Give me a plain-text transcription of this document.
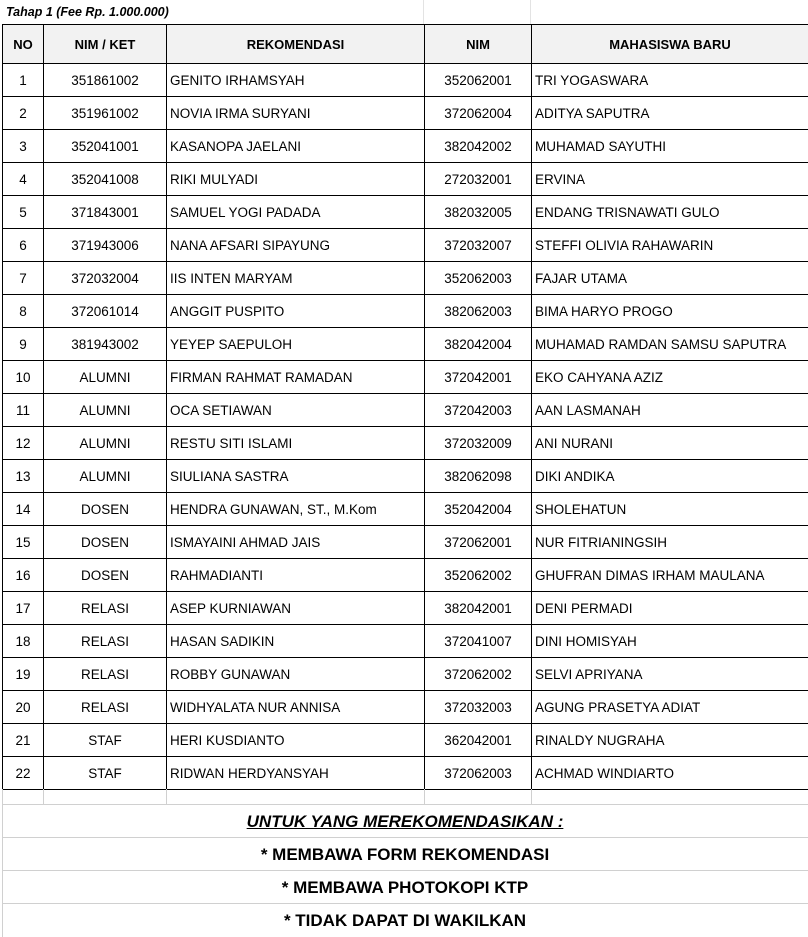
Tahap 1 (Fee Rp. 1.000.000)
NO	NIM / KET	REKOMENDASI	NIM	MAHASISWA BARU
1	351861002	GENITO IRHAMSYAH	352062001	TRI YOGASWARA
2	351961002	NOVIA IRMA SURYANI	372062004	ADITYA SAPUTRA
3	352041001	KASANOPA JAELANI	382042002	MUHAMAD SAYUTHI
4	352041008	RIKI MULYADI	272032001	ERVINA
5	371843001	SAMUEL YOGI PADADA	382032005	ENDANG TRISNAWATI GULO
6	371943006	NANA AFSARI SIPAYUNG	372032007	STEFFI OLIVIA RAHAWARIN
7	372032004	IIS INTEN MARYAM	352062003	FAJAR UTAMA
8	372061014	ANGGIT PUSPITO	382062003	BIMA HARYO PROGO
9	381943002	YEYEP SAEPULOH	382042004	MUHAMAD RAMDAN SAMSU SAPUTRA
10	ALUMNI	FIRMAN RAHMAT RAMADAN	372042001	EKO CAHYANA AZIZ
11	ALUMNI	OCA SETIAWAN	372042003	AAN LASMANAH
12	ALUMNI	RESTU SITI ISLAMI	372032009	ANI NURANI
13	ALUMNI	SIULIANA SASTRA	382062098	DIKI ANDIKA
14	DOSEN	HENDRA GUNAWAN, ST., M.Kom	352042004	SHOLEHATUN
15	DOSEN	ISMAYAINI AHMAD JAIS	372062001	NUR FITRIANINGSIH
16	DOSEN	RAHMADIANTI	352062002	GHUFRAN DIMAS IRHAM MAULANA
17	RELASI	ASEP KURNIAWAN	382042001	DENI PERMADI
18	RELASI	HASAN SADIKIN	372041007	DINI HOMISYAH
19	RELASI	ROBBY GUNAWAN	372062002	SELVI APRIYANA
20	RELASI	WIDHYALATA NUR ANNISA	372032003	AGUNG PRASETYA ADIAT
21	STAF	HERI KUSDIANTO	362042001	RINALDY NUGRAHA
22	STAF	RIDWAN HERDYANSYAH	372062003	ACHMAD WINDIARTO
UNTUK YANG MEREKOMENDASIKAN :
* MEMBAWA FORM REKOMENDASI
* MEMBAWA PHOTOKOPI KTP
* TIDAK DAPAT DI WAKILKAN
